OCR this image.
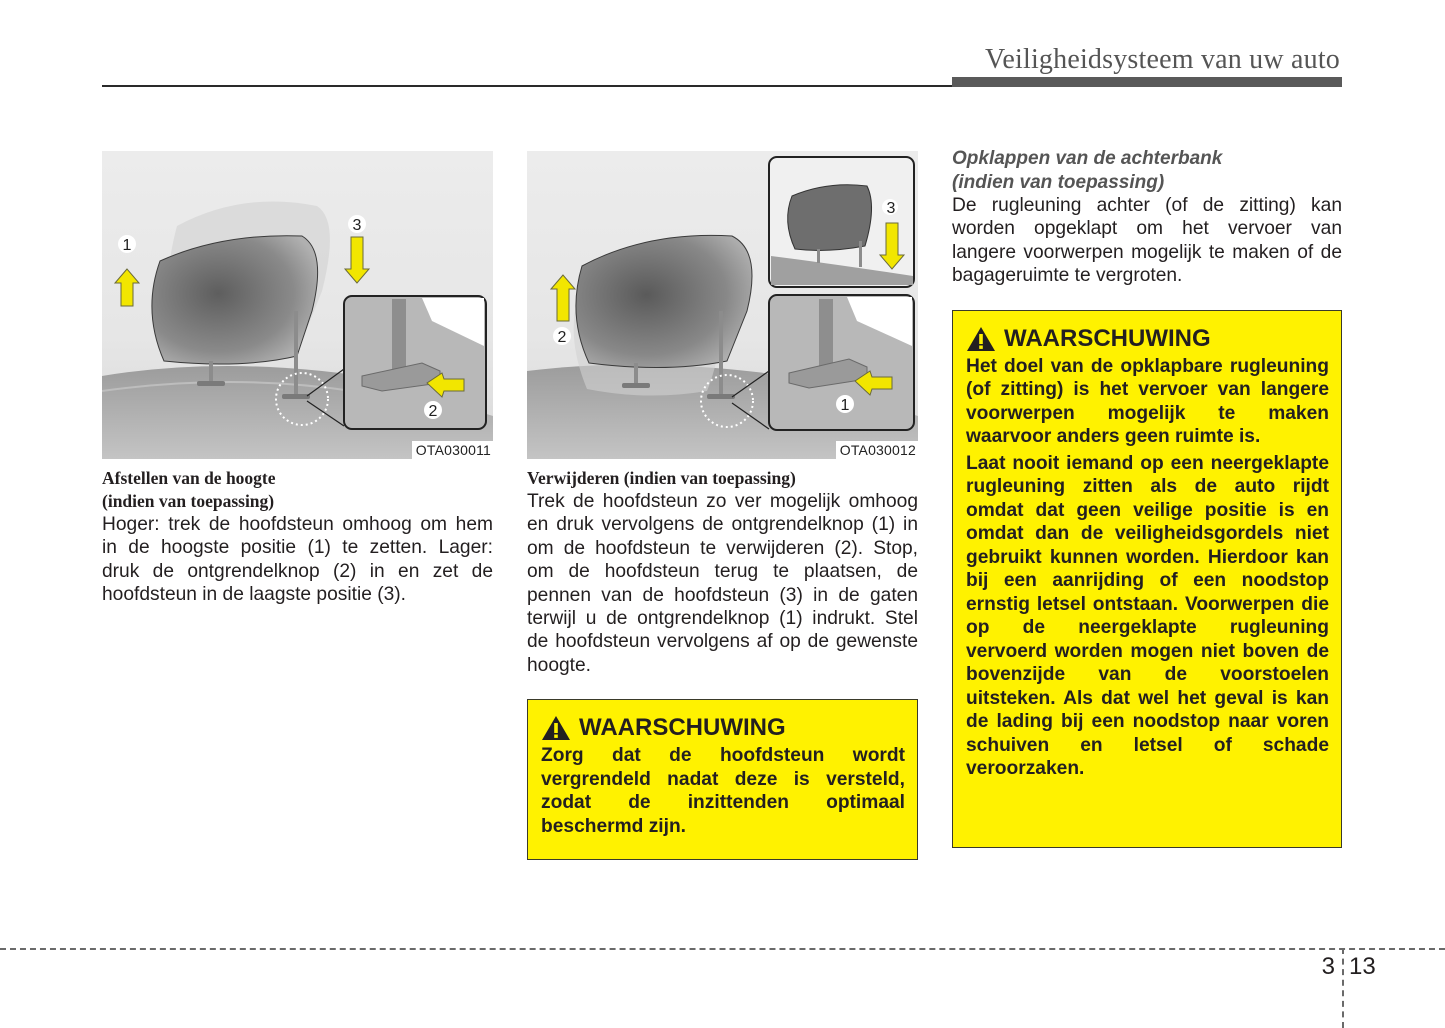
Veiligheidsysteem van uw auto
1
3
2
OTA030011
Afstellen van de hoogte
(indien van toepassing)

Hoger: trek de hoofdsteun omhoog om hem in de hoogste positie (1) te zetten. Lager: druk de ontgrendelknop (2) in en zet de hoofdsteun in de laagste positie (3).

3
1
2
OTA030012
Verwijderen (indien van toepassing)

Trek de hoofdsteun zo ver mogelijk omhoog en druk vervolgens de ontgrendelknop (1) in om de hoofdsteun te verwijderen (2). Stop, om de hoofdsteun terug te plaatsen, de pennen van de hoofdsteun (3) in de gaten terwijl u de ontgrendelknop (1) indrukt. Stel de hoofdsteun vervolgens af op de gewenste hoogte.

WAARSCHUWING

Zorg dat de hoofdsteun wordt vergrendeld nadat deze is versteld, zodat de inzittenden optimaal beschermd zijn.

Opklappen van de achterbank
(indien van toepassing)

De rugleuning achter (of de zitting) kan worden opgeklapt om het vervoer van langere voorwerpen mogelijk te maken of de bagageruimte te vergroten.

WAARSCHUWING

Het doel van de opklapbare rugleuning (of zitting) is het vervoer van langere voorwerpen mogelijk te maken waarvoor anders geen ruimte is.

Laat nooit iemand op een neergeklapte rugleuning zitten als de auto rijdt omdat dat geen veilige positie is en omdat dan de veiligheidsgordels niet gebruikt kunnen worden. Hierdoor kan bij een aanrijding of een noodstop ernstig letsel ontstaan. Voorwerpen die op de neergeklapte rugleuning vervoerd worden mogen niet boven de bovenzijde van de voorstoelen uitsteken. Als dat wel het geval is kan de lading bij een noodstop naar voren schuiven en letsel of schade veroorzaken.

3 13
